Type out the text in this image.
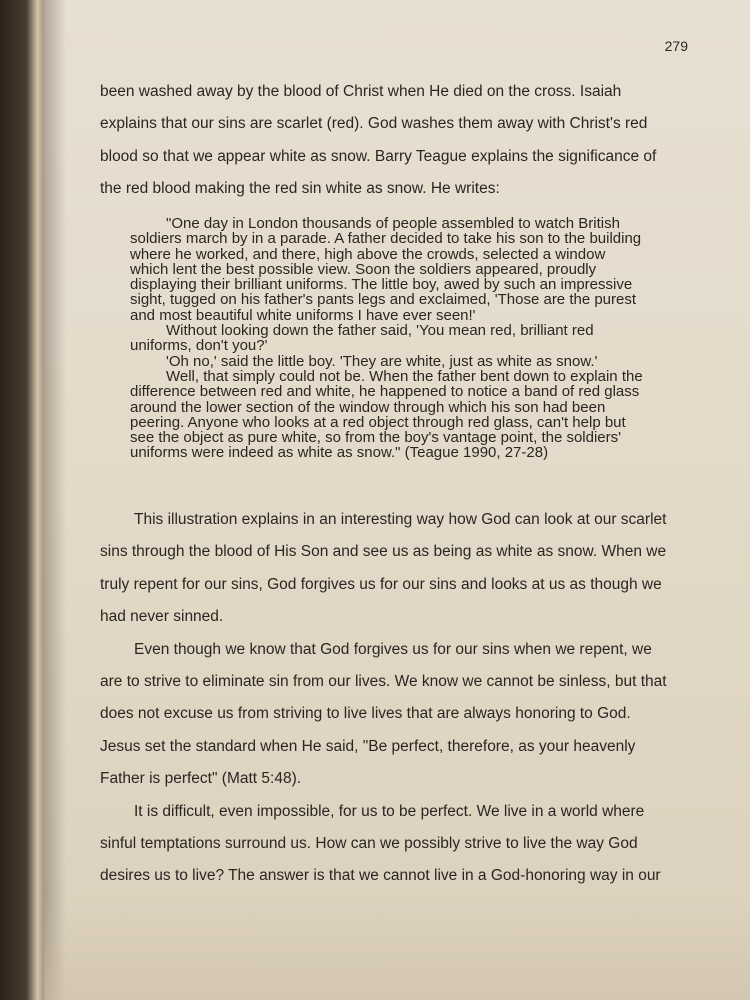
279

been washed away by the blood of Christ when He died on the cross. Isaiah

explains that our sins are scarlet (red). God washes them away with Christ's red

blood so that we appear white as snow. Barry Teague explains the significance of

the red blood making the red sin white as snow. He writes:

"One day in London thousands of people assembled to watch British

soldiers march by in a parade. A father decided to take his son to the building

where he worked, and there, high above the crowds, selected a window

which lent the best possible view. Soon the soldiers appeared, proudly

displaying their brilliant uniforms. The little boy, awed by such an impressive

sight, tugged on his father's pants legs and exclaimed, 'Those are the purest

and most beautiful white uniforms I have ever seen!'

Without looking down the father said, 'You mean red, brilliant red

uniforms, don't you?'

'Oh no,' said the little boy. 'They are white, just as white as snow.'

Well, that simply could not be. When the father bent down to explain the

difference between red and white, he happened to notice a band of red glass

around the lower section of the window through which his son had been

peering. Anyone who looks at a red object through red glass, can't help but

see the object as pure white, so from the boy's vantage point, the soldiers'

uniforms were indeed as white as snow." (Teague 1990, 27-28)

This illustration explains in an interesting way how God can look at our scarlet

sins through the blood of His Son and see us as being as white as snow. When we

truly repent for our sins, God forgives us for our sins and looks at us as though we

had never sinned.

Even though we know that God forgives us for our sins when we repent, we

are to strive to eliminate sin from our lives. We know we cannot be sinless, but that

does not excuse us from striving to live lives that are always honoring to God.

Jesus set the standard when He said, "Be perfect, therefore, as your heavenly

Father is perfect" (Matt 5:48).

It is difficult, even impossible, for us to be perfect. We live in a world where

sinful temptations surround us. How can we possibly strive to live the way God

desires us to live? The answer is that we cannot live in a God-honoring way in our
